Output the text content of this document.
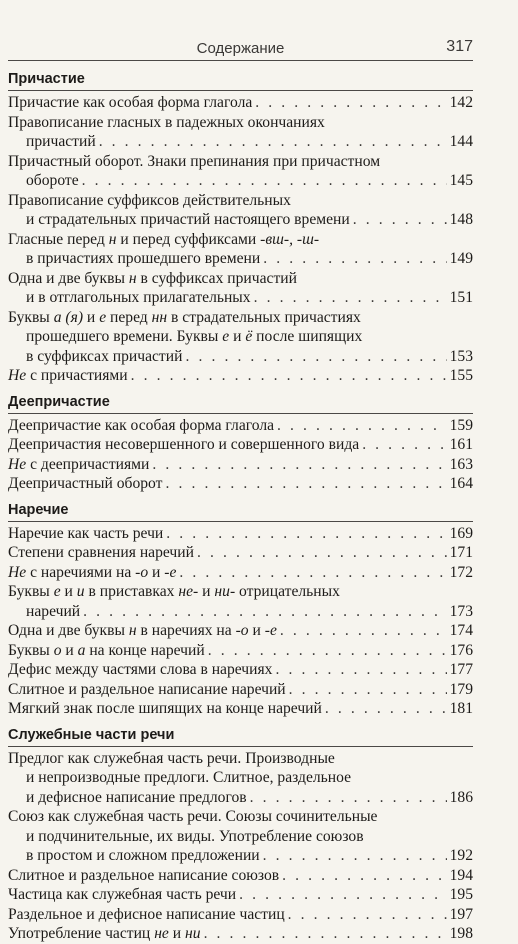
Содержание	317
Причастие
Причастие как особая форма глагола . . .	142
Правописание гласных в падежных окончаниях
причастий . . .	144
Причастный оборот. Знаки препинания при причастном
обороте . . .	145
Правописание суффиксов действительных
и страдательных причастий настоящего времени . . .	148
Гласные перед н и перед суффиксами -вш-, -ш-
в причастиях прошедшего времени . . .	149
Одна и две буквы н в суффиксах причастий
и в отглагольных прилагательных . . .	151
Буквы а (я) и е перед нн в страдательных причастиях
прошедшего времени. Буквы е и ё после шипящих
в суффиксах причастий . . .	153
Не с причастиями . . .	155
Деепричастие
Деепричастие как особая форма глагола . . .	159
Деепричастия несовершенного и совершенного вида . . .	161
Не с деепричастиями . . .	163
Деепричастный оборот . . .	164
Наречие
Наречие как часть речи . . .	169
Степени сравнения наречий . . .	171
Не с наречиями на -о и -е . . .	172
Буквы е и и в приставках не- и ни- отрицательных
наречий . . .	173
Одна и две буквы н в наречиях на -о и -е . . .	174
Буквы о и а на конце наречий . . .	176
Дефис между частями слова в наречиях . . .	177
Слитное и раздельное написание наречий . . .	179
Мягкий знак после шипящих на конце наречий . . .	181
Служебные части речи
Предлог как служебная часть речи. Производные
и непроизводные предлоги. Слитное, раздельное
и дефисное написание предлогов . . .	186
Союз как служебная часть речи. Союзы сочинительные
и подчинительные, их виды. Употребление союзов
в простом и сложном предложении . . .	192
Слитное и раздельное написание союзов . . .	194
Частица как служебная часть речи . . .	195
Раздельное и дефисное написание частиц . . .	197
Употребление частиц не и ни . . .	198
